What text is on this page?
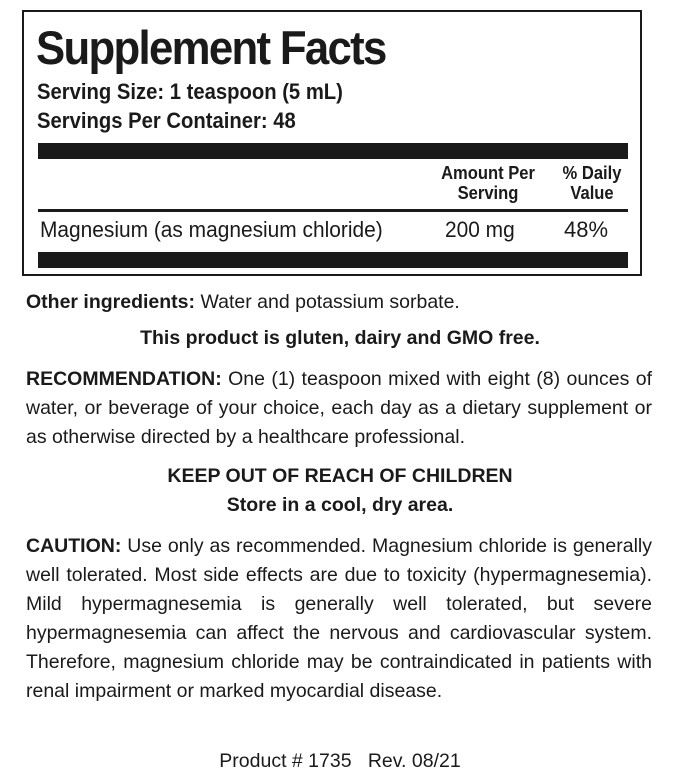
Supplement Facts
Serving Size: 1 teaspoon (5 mL)
Servings Per Container: 48
Amount Per
Serving
% Daily
Value
Magnesium (as magnesium chloride)	200 mg 48%
Other ingredients: Water and potassium sorbate.
This product is gluten, dairy and GMO free.
RECOMMENDATION: One (1) teaspoon mixed with eight (8) ounces of water, or beverage of your choice, each day as a dietary supplement or as otherwise directed by a healthcare professional.
KEEP OUT OF REACH OF CHILDREN
Store in a cool, dry area.
CAUTION: Use only as recommended. Magnesium chloride is generally well tolerated. Most side effects are due to toxicity (hypermagnesemia). Mild hypermagnesemia is generally well tolerated, but severe hypermagnesemia can affect the nervous and cardiovascular system. Therefore, magnesium chloride may be contraindicated in patients with renal impairment or marked myocardial disease.
Product # 1735 Rev. 08/21
